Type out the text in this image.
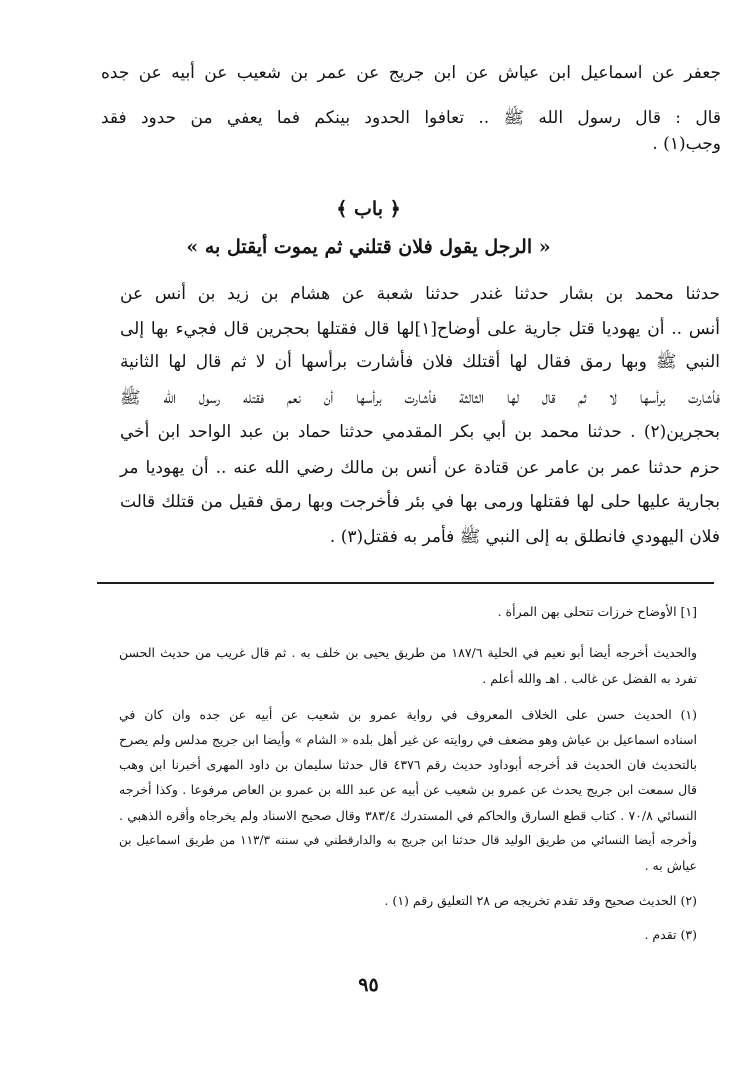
جعفر عن اسماعيل ابن عياش عن ابن جريج عن عمر بن شعيب عن أبيه عن جده
قال : قال رسول الله ﷺ .. تعافوا الحدود بينكم فما يعفي من حدود فقد
وجب(١) .
﴿ باب ﴾
« الرجل يقول فلان قتلني ثم يموت أيقتل به »
حدثنا محمد بن بشار حدثنا غندر حدثنا شعبة عن هشام بن زيد بن أنس عن
أنس .. أن يهوديا قتل جارية على أوضاح[١]لها قال فقتلها بحجرين قال فجيء بها إلى
النبي ﷺ وبها رمق فقال لها أقتلك فلان فأشارت برأسها أن لا ثم قال لها الثانية
فأشارت برأسها لا ثم قال لها الثالثة فأشارت برأسها أن نعم فقتله رسول الله ﷺ
بحجرين(٢) . حدثنا محمد بن أبي بكر المقدمي حدثنا حماد بن عبد الواحد ابن أخي
حزم حدثنا عمر بن عامر عن قتادة عن أنس بن مالك رضي الله عنه .. أن يهوديا مر
بجارية عليها حلى لها فقتلها ورمى بها في بئر فأخرجت وبها رمق فقيل من قتلك قالت
فلان اليهودي فانطلق به إلى النبي ﷺ فأمر به فقتل(٣) .
[١] الأوضاح خرزات تتحلى بهن المرأة .
والحديث أخرجه أيضا أبو نعيم في الحلية ١٨٧/٦ من طريق يحيى بن خلف به . ثم قال غريب من حديث الحسن
تفرد به الفضل عن غالب . اهـ والله أعلم .
(١) الحديث حسن على الخلاف المعروف في رواية عمرو بن شعيب عن أبيه عن جده وان كان في
اسناده اسماعيل بن عياش وهو مضعف في روايته عن غير أهل بلده « الشام » وأيضا ابن جريج مدلس ولم يصرح
بالتحديث فان الحديث قد أخرجه أبوداود حديث رقم ٤٣٧٦ قال حدثنا سليمان بن داود المهرى أخبرنا ابن وهب
قال سمعت ابن جريج يحدث عن عمرو بن شعيب عن أبيه عن عبد الله بن عمرو بن العاص مرفوعا . وكذا أخرجه
النسائي ٧٠/٨ . كتاب قطع السارق والحاكم في المستدرك ٣٨٣/٤ وقال صحيح الاسناد ولم يخرجاه وأقره الذهبي .
وأخرجه أيضا النسائي من طريق الوليد قال حدثنا ابن جريج به والدارقطني في سننه ١١٣/٣ من طريق اسماعيل بن
عياش به .
(٢) الحديث صحيح وقد تقدم تخريجه ص ٢٨ التعليق رقم (١) .
(٣) تقدم .
٩٥
